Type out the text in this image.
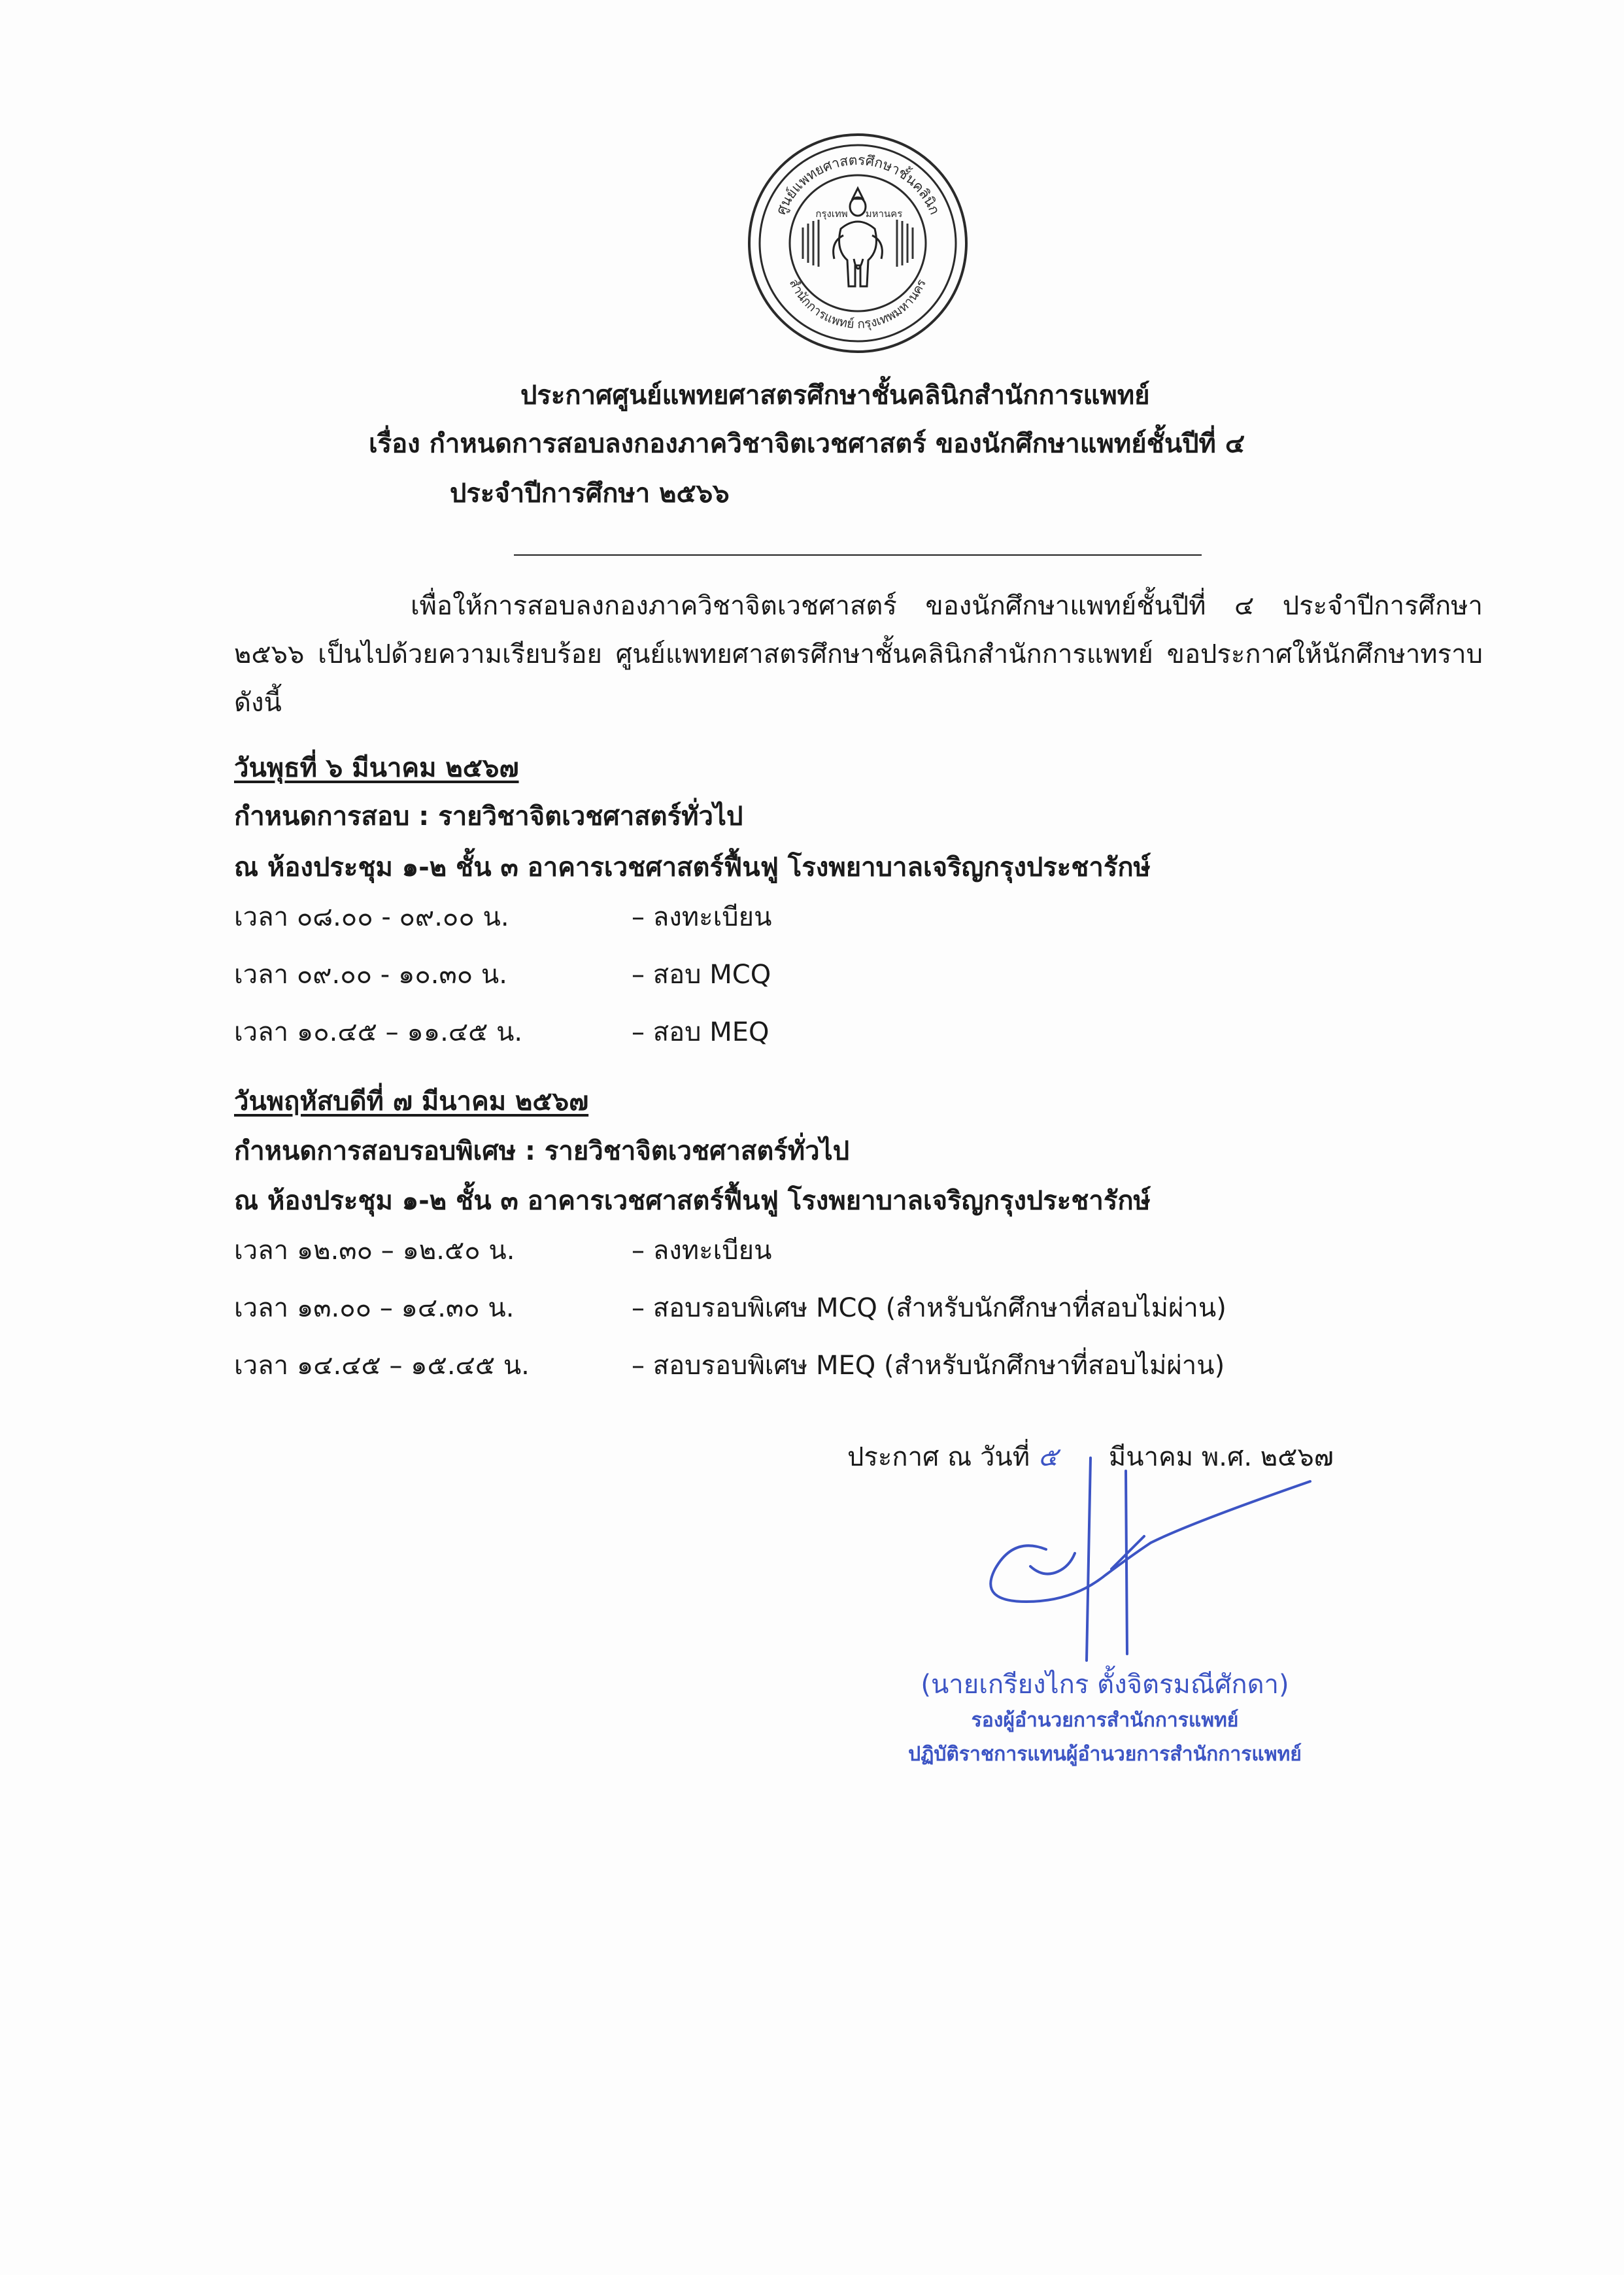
ศูนย์แพทยศาสตรศึกษาชั้นคลินิก
สำนักการแพทย์ กรุงเทพมหานคร
กรุงเทพ มหานคร
ประกาศศูนย์แพทยศาสตรศึกษาชั้นคลินิกสำนักการแพทย์
เรื่อง กำหนดการสอบลงกองภาควิชาจิตเวชศาสตร์ ของนักศึกษาแพทย์ชั้นปีที่ ๔
ประจำปีการศึกษา ๒๕๖๖
เพื่อให้การสอบลงกองภาควิชาจิตเวชศาสตร์ ของนักศึกษาแพทย์ชั้นปีที่ ๔ ประจำปีการศึกษา ๒๕๖๖ เป็นไปด้วยความเรียบร้อย ศูนย์แพทยศาสตรศึกษาชั้นคลินิกสำนักการแพทย์ ขอประกาศให้นักศึกษาทราบ ดังนี้
วันพุธที่ ๖ มีนาคม ๒๕๖๗
กำหนดการสอบ : รายวิชาจิตเวชศาสตร์ทั่วไป
ณ ห้องประชุม ๑-๒ ชั้น ๓ อาคารเวชศาสตร์ฟื้นฟู โรงพยาบาลเจริญกรุงประชารักษ์
เวลา ๐๘.๐๐ - ๐๙.๐๐ น.	– ลงทะเบียน
เวลา ๐๙.๐๐ - ๑๐.๓๐ น.	– สอบ MCQ
เวลา ๑๐.๔๕ – ๑๑.๔๕ น.	– สอบ MEQ
วันพฤหัสบดีที่ ๗ มีนาคม ๒๕๖๗
กำหนดการสอบรอบพิเศษ : รายวิชาจิตเวชศาสตร์ทั่วไป
ณ ห้องประชุม ๑-๒ ชั้น ๓ อาคารเวชศาสตร์ฟื้นฟู โรงพยาบาลเจริญกรุงประชารักษ์
เวลา ๑๒.๓๐ – ๑๒.๕๐ น.	– ลงทะเบียน
เวลา ๑๓.๐๐ – ๑๔.๓๐ น.	– สอบรอบพิเศษ MCQ (สำหรับนักศึกษาที่สอบไม่ผ่าน)
เวลา ๑๔.๔๕ – ๑๕.๔๕ น.	– สอบรอบพิเศษ MEQ (สำหรับนักศึกษาที่สอบไม่ผ่าน)
ประกาศ ณ วันที่ ๕ มีนาคม พ.ศ. ๒๕๖๗
(นายเกรียงไกร ตั้งจิตรมณีศักดา)
รองผู้อำนวยการสำนักการแพทย์
ปฏิบัติราชการแทนผู้อำนวยการสำนักการแพทย์
